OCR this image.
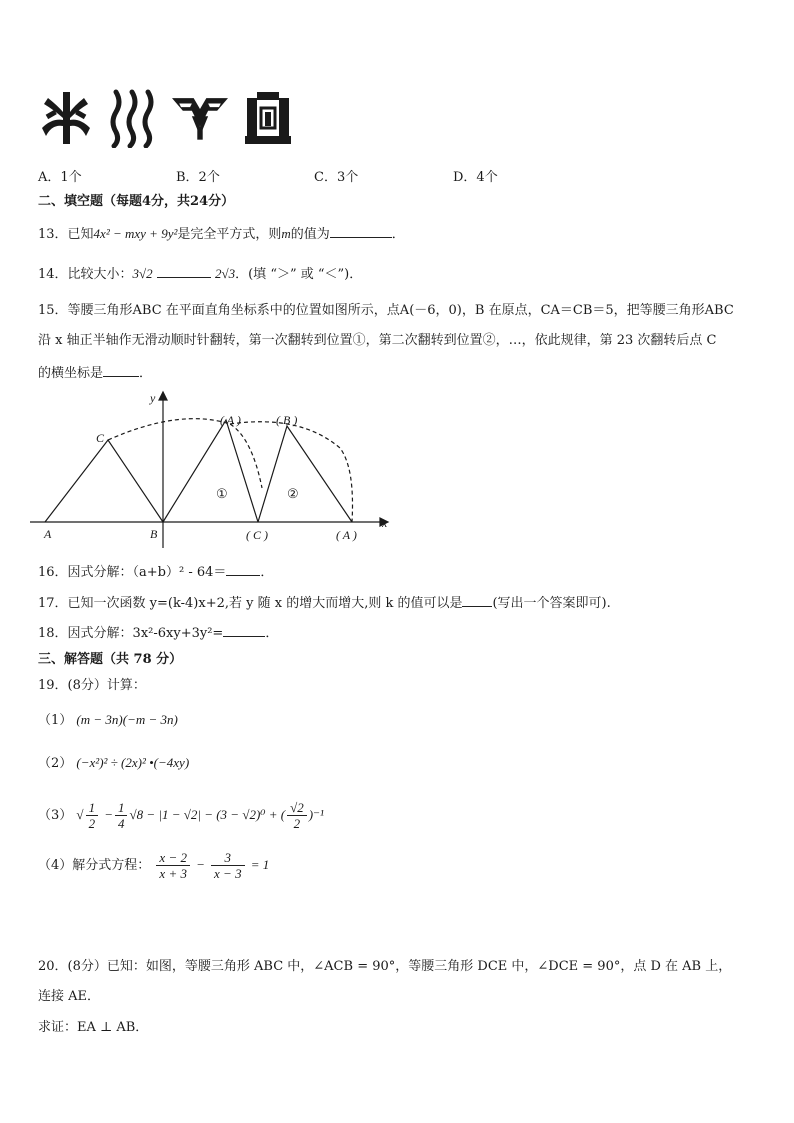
A．1个	B．2个	C．3个	D．4个
二、填空题（每题4分，共24分）
13．已知4x² − mxy + 9y²是完全平方式，则m的值为	．
14．比较大小：3√2	2√3．(填 “＞” 或 “＜”)．
15．等腰三角形ABC 在平面直角坐标系中的位置如图所示，点A(－6，0)，B 在原点，CA＝CB＝5，把等腰三角形ABC
沿 x 轴正半轴作无滑动顺时针翻转，第一次翻转到位置①，第二次翻转到位置②，…，依此规律，第 23 次翻转后点 C
的横坐标是	．
y
x
A	B
C
( A )	( B )
( C )	( A )
①	②
16．因式分解：（a+b）² - 64＝	．
17．已知一次函数 y=(k-4)x+2,若 y 随 x 的增大而增大,则 k 的值可以是 (写出一个答案即可).
18．因式分解：3x²-6xy+3y²=	．
三、解答题（共 78 分）
19．(8分）计算：
（1） (m − 3n)(−m − 3n)
（2） (−x²)² ÷ (2x)² •(−4xy)
（3） √ $\frac{1}{2} - \frac{1}{4} √8 - |1 - √2| - (3 - √2)^0$ + ( $\frac{√2}{2} )^{-1}$
（4）解分式方程： $\frac{x - 2}{x + 3} - \frac{3}{x - 3} = 1$
20．(8分）已知：如图，等腰三角形 ABC 中，∠ACB = 90°，等腰三角形 DCE 中，∠DCE = 90°，点 D 在 AB 上，
连接 AE．
求证：EA ⊥ AB．
